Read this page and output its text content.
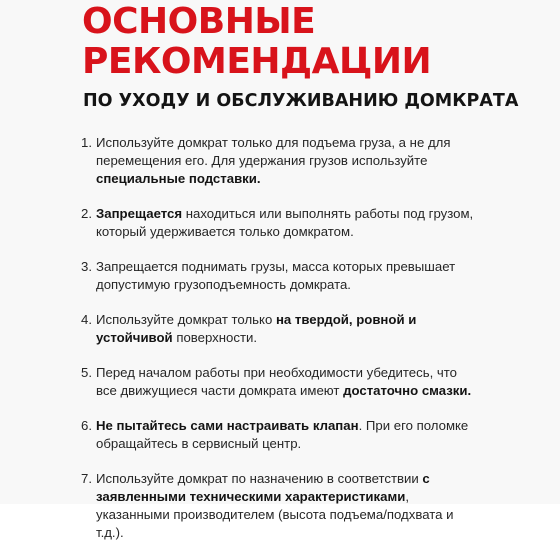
ОСНОВНЫЕ
РЕКОМЕНДАЦИИ
ПО УХОДУ И ОБСЛУЖИВАНИЮ ДОМКРАТА
1. Используйте домкрат только для подъема груза, а не для перемещения его. Для удержания грузов используйте специальные подставки.
2. Запрещается находиться или выполнять работы под грузом, который удерживается только домкратом.
3. Запрещается поднимать грузы, масса которых превышает допустимую грузоподъемность домкрата.
4. Используйте домкрат только на твердой, ровной и устойчивой поверхности.
5. Перед началом работы при необходимости убедитесь, что все движущиеся части домкрата имеют достаточно смазки.
6. Не пытайтесь сами настраивать клапан. При его поломке обращайтесь в сервисный центр.
7. Используйте домкрат по назначению в соответствии с заявленными техническими характеристиками, указанными производителем (высота подъема/подхвата и т.д.).
